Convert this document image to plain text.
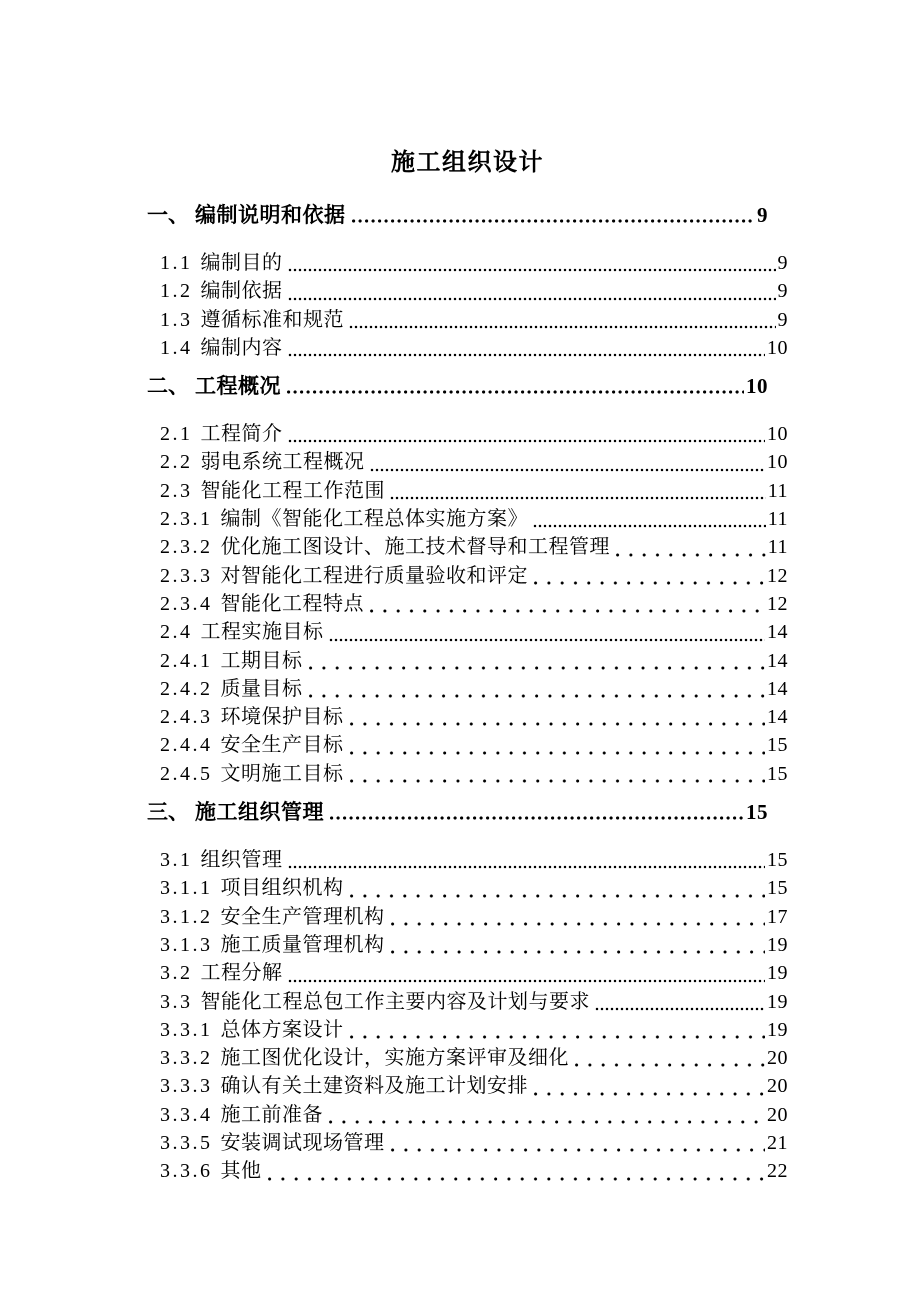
施工组织设计
一、 编制说明和依据	9
1.1 编制目的	9
1.2 编制依据	9
1.3 遵循标准和规范	9
1.4 编制内容	10
二、 工程概况	10
2.1 工程简介	10
2.2 弱电系统工程概况	10
2.3 智能化工程工作范围	11
2.3.1 编制《智能化工程总体实施方案》	11
2.3.2 优化施工图设计、施工技术督导和工程管理	11
2.3.3 对智能化工程进行质量验收和评定	12
2.3.4 智能化工程特点	12
2.4 工程实施目标	14
2.4.1 工期目标	14
2.4.2 质量目标	14
2.4.3 环境保护目标	14
2.4.4 安全生产目标	15
2.4.5 文明施工目标	15
三、 施工组织管理	15
3.1 组织管理	15
3.1.1 项目组织机构	15
3.1.2 安全生产管理机构	17
3.1.3 施工质量管理机构	19
3.2 工程分解	19
3.3 智能化工程总包工作主要内容及计划与要求	19
3.3.1 总体方案设计	19
3.3.2 施工图优化设计，实施方案评审及细化	20
3.3.3 确认有关土建资料及施工计划安排	20
3.3.4 施工前准备	20
3.3.5 安装调试现场管理	21
3.3.6 其他	22
